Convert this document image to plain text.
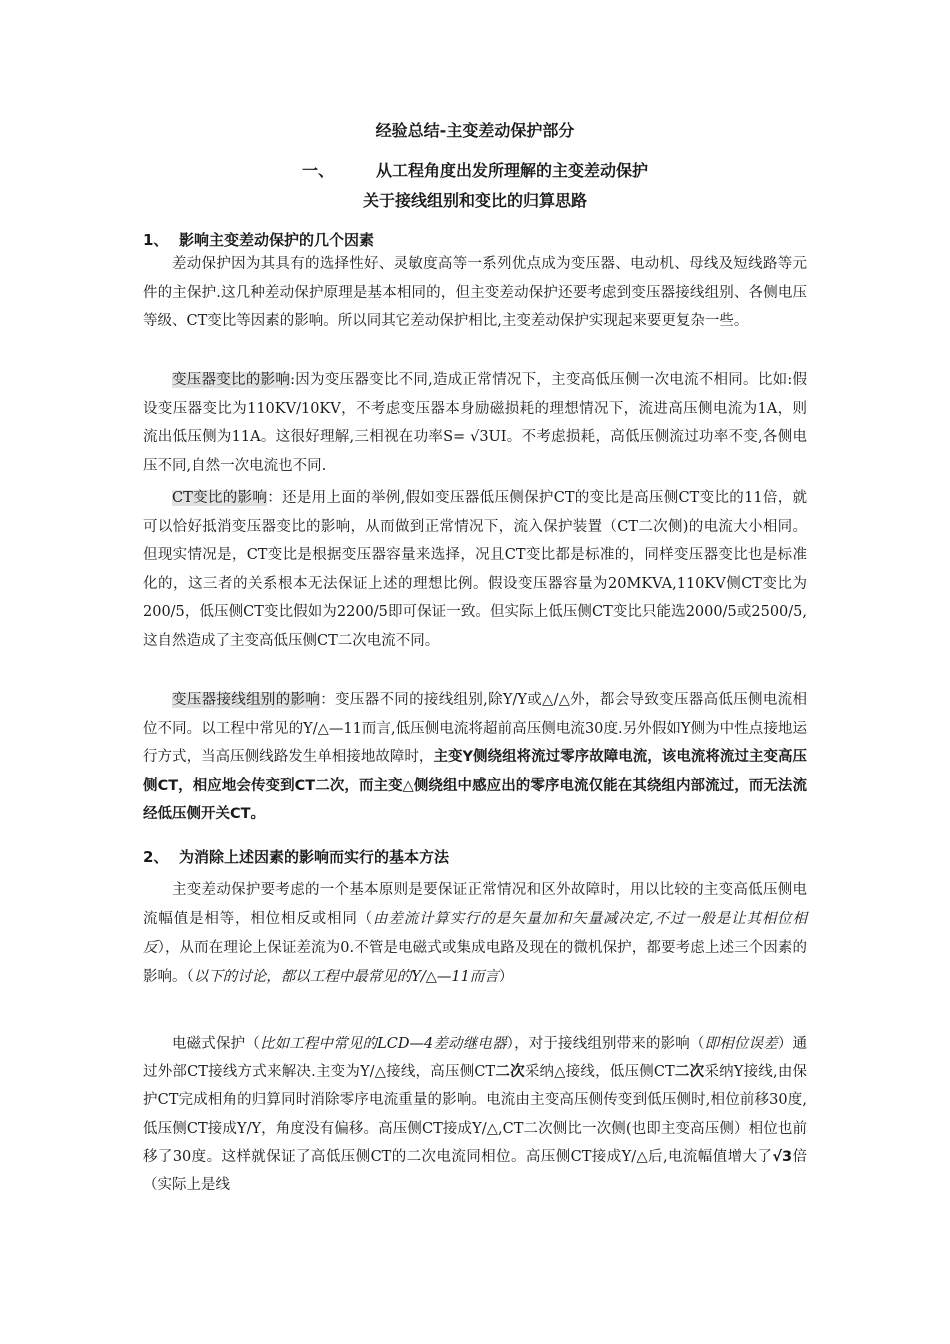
经验总结-主变差动保护部分
一、	从工程角度出发所理解的主变差动保护
关于接线组别和变比的归算思路
1、 影响主变差动保护的几个因素

差动保护因为其具有的选择性好、灵敏度高等一系列优点成为变压器、电动机、母线及短线路等元件的主保护.这几种差动保护原理是基本相同的，但主变差动保护还要考虑到变压器接线组别、各侧电压等级、CT变比等因素的影响。所以同其它差动保护相比,主变差动保护实现起来要更复杂一些。

变压器变比的影响:因为变压器变比不同,造成正常情况下，主变高低压侧一次电流不相同。比如:假设变压器变比为110KV/10KV，不考虑变压器本身励磁损耗的理想情况下，流进高压侧电流为1A，则流出低压侧为11A。这很好理解,三相视在功率S= √3UI。不考虑损耗，高低压侧流过功率不变,各侧电压不同,自然一次电流也不同.

CT变比的影响：还是用上面的举例,假如变压器低压侧保护CT的变比是高压侧CT变比的11倍，就可以恰好抵消变压器变比的影响，从而做到正常情况下，流入保护装置（CT二次侧)的电流大小相同。但现实情况是，CT变比是根据变压器容量来选择，况且CT变比都是标准的，同样变压器变比也是标准化的，这三者的关系根本无法保证上述的理想比例。假设变压器容量为20MKVA,110KV侧CT变比为200/5，低压侧CT变比假如为2200/5即可保证一致。但实际上低压侧CT变比只能选2000/5或2500/5,这自然造成了主变高低压侧CT二次电流不同。

变压器接线组别的影响：变压器不同的接线组别,除Y/Y或△/△外，都会导致变压器高低压侧电流相位不同。以工程中常见的Y/△—11而言,低压侧电流将超前高压侧电流30度.另外假如Y侧为中性点接地运行方式，当高压侧线路发生单相接地故障时，主变Y侧绕组将流过零序故障电流，该电流将流过主变高压侧CT，相应地会传变到CT二次，而主变△侧绕组中感应出的零序电流仅能在其绕组内部流过，而无法流经低压侧开关CT。

2、 为消除上述因素的影响而实行的基本方法

主变差动保护要考虑的一个基本原则是要保证正常情况和区外故障时，用以比较的主变高低压侧电流幅值是相等，相位相反或相同（由差流计算实行的是矢量加和矢量减决定,不过一般是让其相位相反），从而在理论上保证差流为0.不管是电磁式或集成电路及现在的微机保护，都要考虑上述三个因素的影响。（以下的讨论，都以工程中最常见的Y/△—11而言）

电磁式保护（比如工程中常见的LCD—4差动继电器），对于接线组别带来的影响（即相位误差）通过外部CT接线方式来解决.主变为Y/△接线，高压侧CT二次采纳△接线，低压侧CT二次采纳Y接线,由保护CT完成相角的归算同时消除零序电流重量的影响。电流由主变高压侧传变到低压侧时,相位前移30度,低压侧CT接成Y/Y，角度没有偏移。高压侧CT接成Y/△,CT二次侧比一次侧(也即主变高压侧）相位也前移了30度。这样就保证了高低压侧CT的二次电流同相位。高压侧CT接成Y/△后,电流幅值增大了√3倍（实际上是线
